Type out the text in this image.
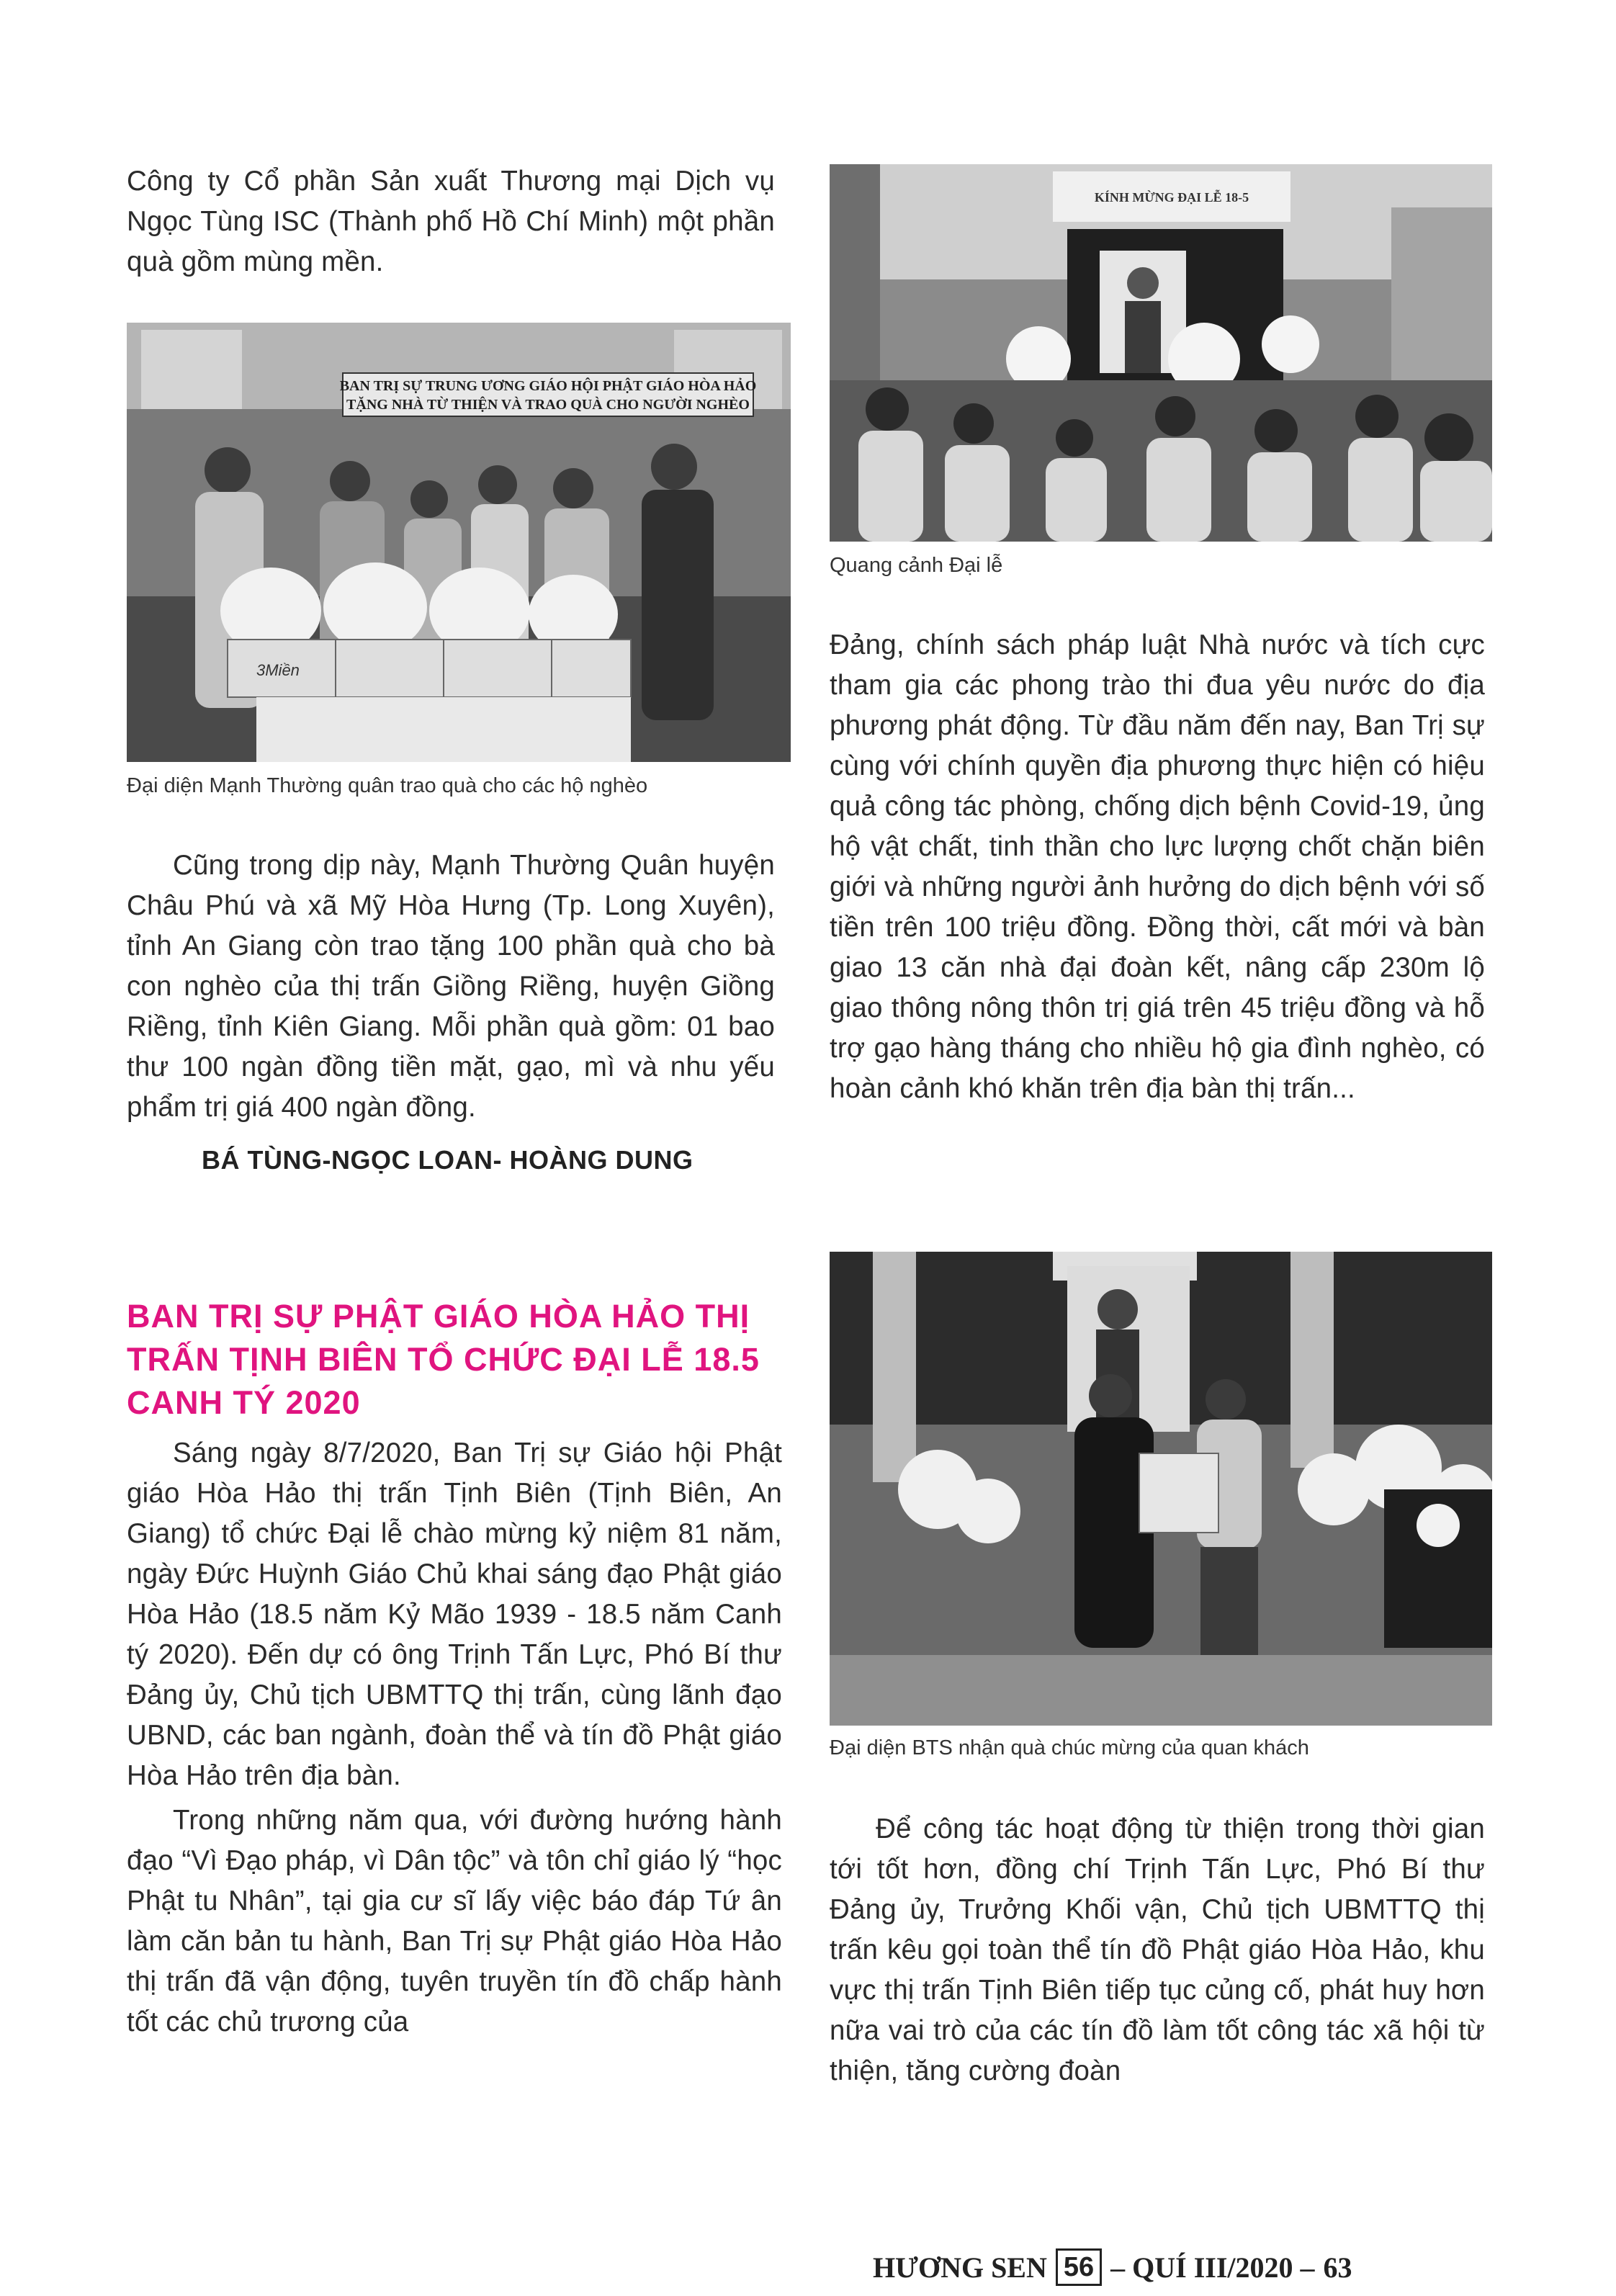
Công ty Cổ phần Sản xuất Thương mại Dịch vụ Ngọc Tùng ISC (Thành phố Hồ Chí Minh) một phần quà gồm mùng mền.

BAN TRỊ SỰ TRUNG ƯƠNG GIÁO HỘI PHẬT GIÁO HÒA HẢO
TẶNG NHÀ TỪ THIỆN VÀ TRAO QUÀ CHO NGƯỜI NGHÈO
3Miền
Đại diện Mạnh Thường quân trao quà cho các hộ nghèo

Cũng trong dịp này, Mạnh Thường Quân huyện Châu Phú và xã Mỹ Hòa Hưng (Tp. Long Xuyên), tỉnh An Giang còn trao tặng 100 phần quà cho bà con nghèo của thị trấn Giồng Riềng, huyện Giồng Riềng, tỉnh Kiên Giang. Mỗi phần quà gồm: 01 bao thư 100 ngàn đồng tiền mặt, gạo, mì và nhu yếu phẩm trị giá 400 ngàn đồng.

BÁ TÙNG-NGỌC LOAN- HOÀNG DUNG
BAN TRỊ SỰ PHẬT GIÁO HÒA HẢO THỊ TRẤN TỊNH BIÊN TỔ CHỨC ĐẠI LỄ 18.5 CANH TÝ 2020

Sáng ngày 8/7/2020, Ban Trị sự Giáo hội Phật giáo Hòa Hảo thị trấn Tịnh Biên (Tịnh Biên, An Giang) tổ chức Đại lễ chào mừng kỷ niệm 81 năm, ngày Đức Huỳnh Giáo Chủ khai sáng đạo Phật giáo Hòa Hảo (18.5 năm Kỷ Mão 1939 - 18.5 năm Canh tý 2020). Đến dự có ông Trịnh Tấn Lực, Phó Bí thư Đảng ủy, Chủ tịch UBMTTQ thị trấn, cùng lãnh đạo UBND, các ban ngành, đoàn thể và tín đồ Phật giáo Hòa Hảo trên địa bàn.

Trong những năm qua, với đường hướng hành đạo “Vì Đạo pháp, vì Dân tộc” và tôn chỉ giáo lý “học Phật tu Nhân”, tại gia cư sĩ lấy việc báo đáp Tứ ân làm căn bản tu hành, Ban Trị sự Phật giáo Hòa Hảo thị trấn đã vận động, tuyên truyền tín đồ chấp hành tốt các chủ trương của

KÍNH MỪNG ĐẠI LỄ 18-5
Quang cảnh Đại lễ

Đảng, chính sách pháp luật Nhà nước và tích cực tham gia các phong trào thi đua yêu nước do địa phương phát động. Từ đầu năm đến nay, Ban Trị sự cùng với chính quyền địa phương thực hiện có hiệu quả công tác phòng, chống dịch bệnh Covid-19, ủng hộ vật chất, tinh thần cho lực lượng chốt chặn biên giới và những người ảnh hưởng do dịch bệnh với số tiền trên 100 triệu đồng. Đồng thời, cất mới và bàn giao 13 căn nhà đại đoàn kết, nâng cấp 230m lộ giao thông nông thôn trị giá trên 45 triệu đồng và hỗ trợ gạo hàng tháng cho nhiều hộ gia đình nghèo, có hoàn cảnh khó khăn trên địa bàn thị trấn...

Đại diện BTS nhận quà chúc mừng của quan khách

Để công tác hoạt động từ thiện trong thời gian tới tốt hơn, đồng chí Trịnh Tấn Lực, Phó Bí thư Đảng ủy, Trưởng Khối vận, Chủ tịch UBMTTQ thị trấn kêu gọi toàn thể tín đồ Phật giáo Hòa Hảo, khu vực thị trấn Tịnh Biên tiếp tục củng cố, phát huy hơn nữa vai trò của các tín đồ làm tốt công tác xã hội từ thiện, tăng cường đoàn

HƯƠNG SEN 56 – QUÍ III/2020 – 63
